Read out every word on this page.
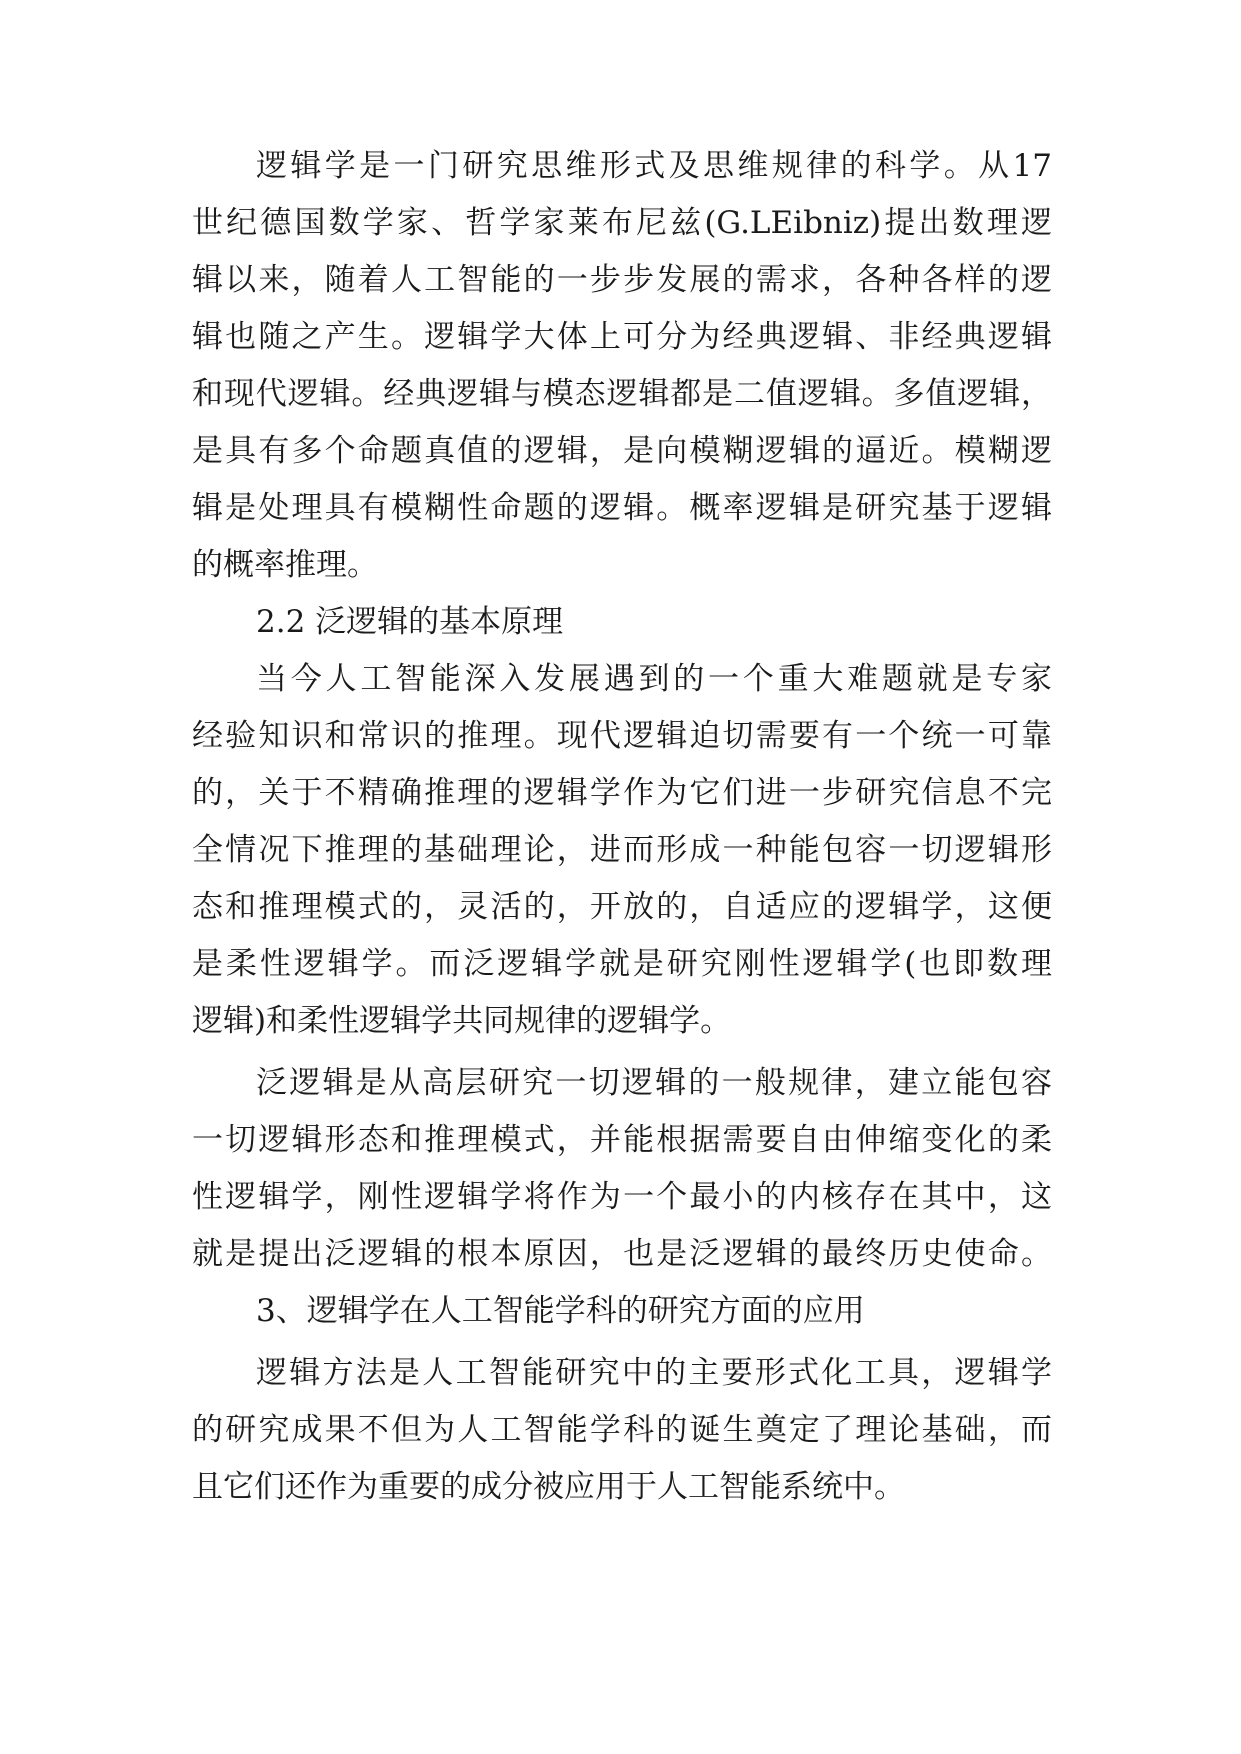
逻辑学是一门研究思维形式及思维规律的科学。从17
世纪德国数学家、哲学家莱布尼兹(G.LEibniz)提出数理逻
辑以来，随着人工智能的一步步发展的需求，各种各样的逻
辑也随之产生。逻辑学大体上可分为经典逻辑、非经典逻辑
和现代逻辑。经典逻辑与模态逻辑都是二值逻辑。多值逻辑，
是具有多个命题真值的逻辑，是向模糊逻辑的逼近。模糊逻
辑是处理具有模糊性命题的逻辑。概率逻辑是研究基于逻辑
的概率推理。
2.2 泛逻辑的基本原理
当今人工智能深入发展遇到的一个重大难题就是专家
经验知识和常识的推理。现代逻辑迫切需要有一个统一可靠
的，关于不精确推理的逻辑学作为它们进一步研究信息不完
全情况下推理的基础理论，进而形成一种能包容一切逻辑形
态和推理模式的，灵活的，开放的，自适应的逻辑学，这便
是柔性逻辑学。而泛逻辑学就是研究刚性逻辑学(也即数理
逻辑)和柔性逻辑学共同规律的逻辑学。
泛逻辑是从高层研究一切逻辑的一般规律，建立能包容
一切逻辑形态和推理模式，并能根据需要自由伸缩变化的柔
性逻辑学，刚性逻辑学将作为一个最小的内核存在其中，这
就是提出泛逻辑的根本原因，也是泛逻辑的最终历史使命。
3、逻辑学在人工智能学科的研究方面的应用
逻辑方法是人工智能研究中的主要形式化工具，逻辑学
的研究成果不但为人工智能学科的诞生奠定了理论基础，而
且它们还作为重要的成分被应用于人工智能系统中。
